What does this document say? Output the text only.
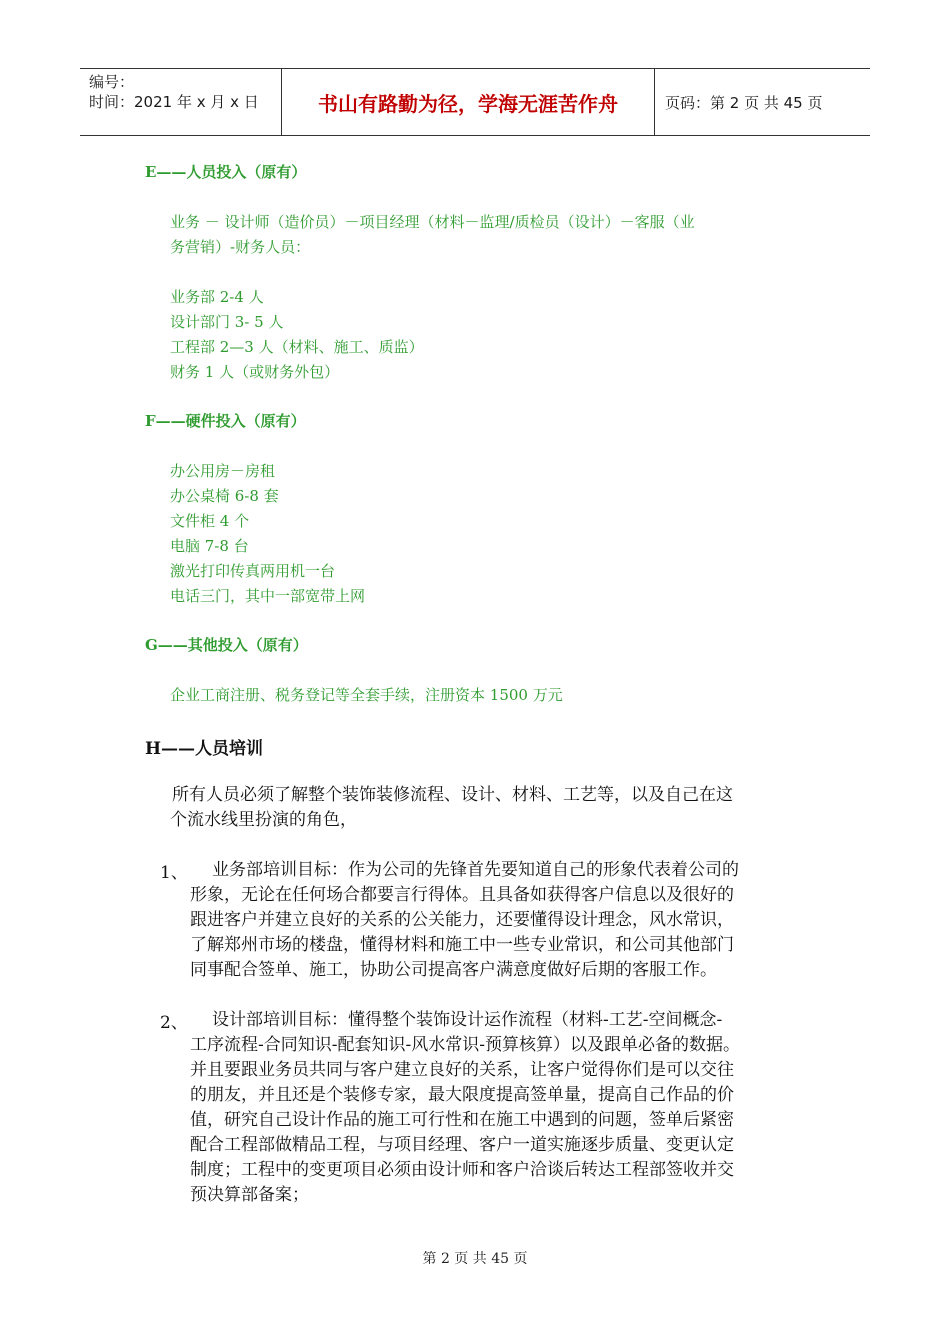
编号：
时间：2021 年 x 月 x 日	书山有路勤为径，学海无涯苦作舟	页码：第 2 页 共 45 页
E——人员投入（原有）
业务 － 设计师（造价员）－项目经理（材料－监理/质检员（设计）－客服（业
务营销）-财务人员：
业务部 2-4 人
设计部门 3- 5 人
工程部 2—3 人（材料、施工、质监）
财务 1 人（或财务外包）
F——硬件投入（原有）
办公用房－房租
办公桌椅 6-8 套
文件柜 4 个
电脑 7-8 台
激光打印传真两用机一台
电话三门，其中一部宽带上网
G——其他投入（原有）
企业工商注册、税务登记等全套手续，注册资本 1500 万元
H——人员培训
所有人员必须了解整个装饰装修流程、设计、材料、工艺等，以及自己在这
个流水线里扮演的角色，
1、	业务部培训目标：作为公司的先锋首先要知道自己的形象代表着公司的
形象，无论在任何场合都要言行得体。且具备如获得客户信息以及很好的
跟进客户并建立良好的关系的公关能力，还要懂得设计理念，风水常识，
了解郑州市场的楼盘，懂得材料和施工中一些专业常识，和公司其他部门
同事配合签单、施工，协助公司提高客户满意度做好后期的客服工作。
2、	设计部培训目标：懂得整个装饰设计运作流程（材料-工艺-空间概念-
工序流程-合同知识-配套知识-风水常识-预算核算）以及跟单必备的数据。
并且要跟业务员共同与客户建立良好的关系，让客户觉得你们是可以交往
的朋友，并且还是个装修专家，最大限度提高签单量，提高自己作品的价
值，研究自己设计作品的施工可行性和在施工中遇到的问题，签单后紧密
配合工程部做精品工程，与项目经理、客户一道实施逐步质量、变更认定
制度；工程中的变更项目必须由设计师和客户洽谈后转达工程部签收并交
预决算部备案；
第 2 页 共 45 页
